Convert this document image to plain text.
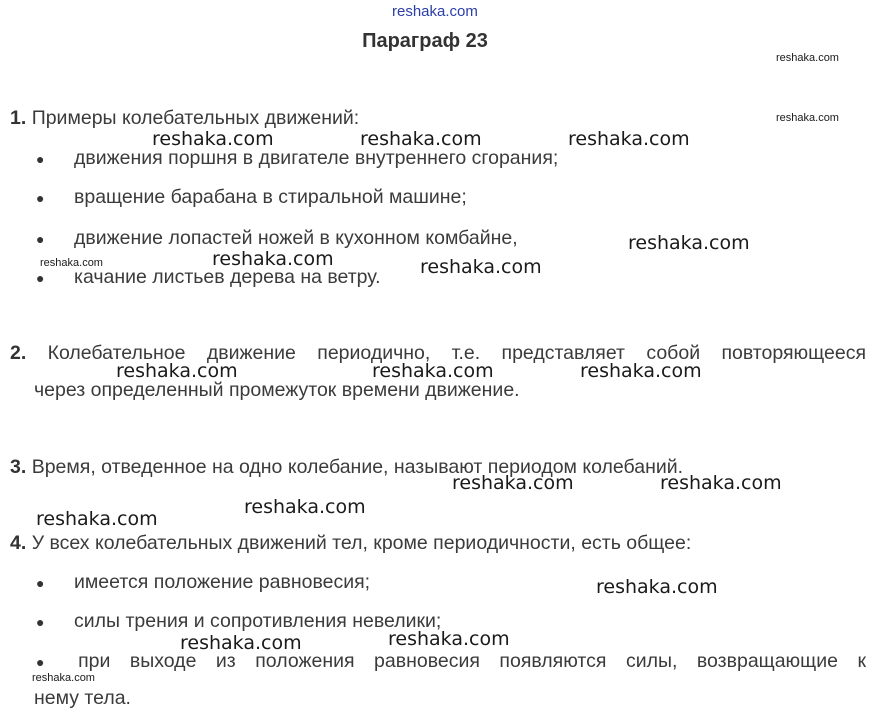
reshaka.com
Параграф 23
1. Примеры колебательных движений:
● движения поршня в двигателе внутреннего сгорания;
● вращение барабана в стиральной машине;
● движение лопастей ножей в кухонном комбайне,
● качание листьев дерева на ветру.
2. Колебательное движение периодично, т.е. представляет собой повторяющееся
через определенный промежуток времени движение.
3. Время, отведенное на одно колебание, называют периодом колебаний.
4. У всех колебательных движений тел, кроме периодичности, есть общее:
● имеется положение равновесия;
● силы трения и сопротивления невелики;
● при выходе из положения равновесия появляются силы, возвращающие к
нему тела.
reshaka.com	reshaka.com	reshaka.com
reshaka.com
reshaka.com	reshaka.com
reshaka.com	reshaka.com	reshaka.com
reshaka.com	reshaka.com
reshaka.com
reshaka.com
reshaka.com
reshaka.com
reshaka.com
reshaka.com
reshaka.com
reshaka.com
reshaka.com
